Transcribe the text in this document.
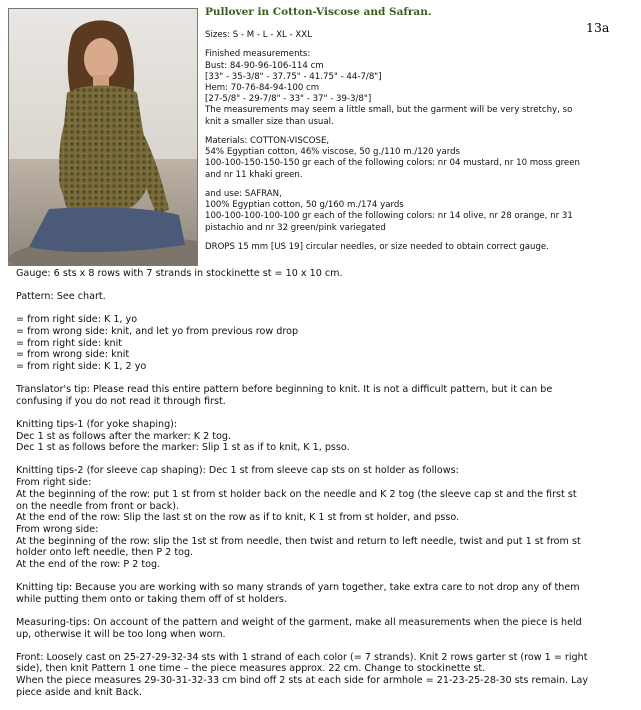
Pullover in Cotton-Viscose and Safran.
13a

Sizes: S - M - L - XL - XXL

Finished measurements:
Bust: 84-90-96-106-114 cm
[33" - 35-3/8" - 37.75" - 41.75" - 44-7/8"]
Hem: 70-76-84-94-100 cm
[27-5/8" - 29-7/8" - 33" - 37" - 39-3/8"]
The measurements may seem a little small, but the garment will be very stretchy, so
knit a smaller size than usual.

Materials: COTTON-VISCOSE,
54% Egyptian cotton, 46% viscose, 50 g./110 m./120 yards
100-100-150-150-150 gr each of the following colors: nr 04 mustard, nr 10 moss green
and nr 11 khaki green.

and use: SAFRAN,
100% Egyptian cotton, 50 g/160 m./174 yards
100-100-100-100-100 gr each of the following colors: nr 14 olive, nr 28 orange, nr 31
pistachio and nr 32 green/pink variegated

DROPS 15 mm [US 19] circular needles, or size needed to obtain correct gauge.

Gauge: 6 sts x 8 rows with 7 strands in stockinette st = 10 x 10 cm.

Pattern: See chart.

= from right side: K 1, yo
= from wrong side: knit, and let yo from previous row drop
= from right side: knit
= from wrong side: knit
= from right side: K 1, 2 yo

Translator's tip: Please read this entire pattern before beginning to knit. It is not a difficult pattern, but it can be
confusing if you do not read it through first.

Knitting tips-1 (for yoke shaping):
Dec 1 st as follows after the marker: K 2 tog.
Dec 1 st as follows before the marker: Slip 1 st as if to knit, K 1, psso.

Knitting tips-2 (for sleeve cap shaping): Dec 1 st from sleeve cap sts on st holder as follows:
From right side:
At the beginning of the row: put 1 st from st holder back on the needle and K 2 tog (the sleeve cap st and the first st
on the needle from front or back).
At the end of the row: Slip the last st on the row as if to knit, K 1 st from st holder, and psso.
From wrong side:
At the beginning of the row: slip the 1st st from needle, then twist and return to left needle, twist and put 1 st from st
holder onto left needle, then P 2 tog.
At the end of the row: P 2 tog.

Knitting tip: Because you are working with so many strands of yarn together, take extra care to not drop any of them
while putting them onto or taking them off of st holders.

Measuring-tips: On account of the pattern and weight of the garment, make all measurements when the piece is held
up, otherwise it will be too long when worn.

Front: Loosely cast on 25-27-29-32-34 sts with 1 strand of each color (= 7 strands). Knit 2 rows garter st (row 1 = right
side), then knit Pattern 1 one time – the piece measures approx. 22 cm. Change to stockinette st.
When the piece measures 29-30-31-32-33 cm bind off 2 sts at each side for armhole = 21-23-25-28-30 sts remain. Lay
piece aside and knit Back.
